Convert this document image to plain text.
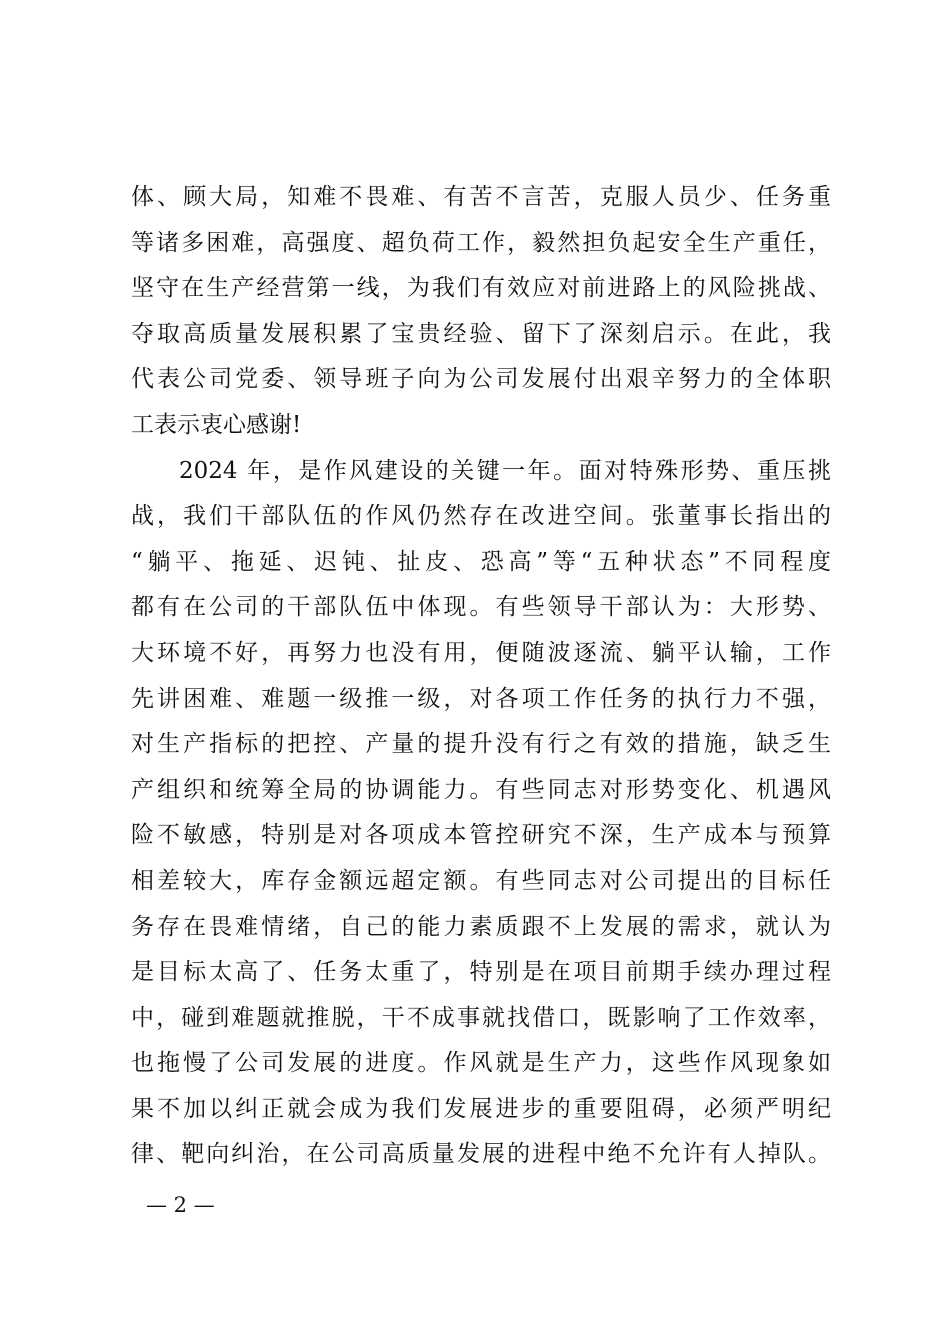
体、顾大局，知难不畏难、有苦不言苦，克服人员少、任务重
等诸多困难，高强度、超负荷工作，毅然担负起安全生产重任，
坚守在生产经营第一线，为我们有效应对前进路上的风险挑战、
夺取高质量发展积累了宝贵经验、留下了深刻启示。在此，我
代表公司党委、领导班子向为公司发展付出艰辛努力的全体职
工表示衷心感谢!
2024 年，是作风建设的关键一年。面对特殊形势、重压挑
战，我们干部队伍的作风仍然存在改进空间。张董事长指出的
“躺平、拖延、迟钝、扯皮、恐高”等“五种状态”不同程度
都有在公司的干部队伍中体现。有些领导干部认为：大形势、
大环境不好，再努力也没有用，便随波逐流、躺平认输，工作
先讲困难、难题一级推一级，对各项工作任务的执行力不强，
对生产指标的把控、产量的提升没有行之有效的措施，缺乏生
产组织和统筹全局的协调能力。有些同志对形势变化、机遇风
险不敏感，特别是对各项成本管控研究不深，生产成本与预算
相差较大，库存金额远超定额。有些同志对公司提出的目标任
务存在畏难情绪，自己的能力素质跟不上发展的需求，就认为
是目标太高了、任务太重了，特别是在项目前期手续办理过程
中，碰到难题就推脱，干不成事就找借口，既影响了工作效率，
也拖慢了公司发展的进度。作风就是生产力，这些作风现象如
果不加以纠正就会成为我们发展进步的重要阻碍，必须严明纪
律、靶向纠治，在公司高质量发展的进程中绝不允许有人掉队。
— 2 —
